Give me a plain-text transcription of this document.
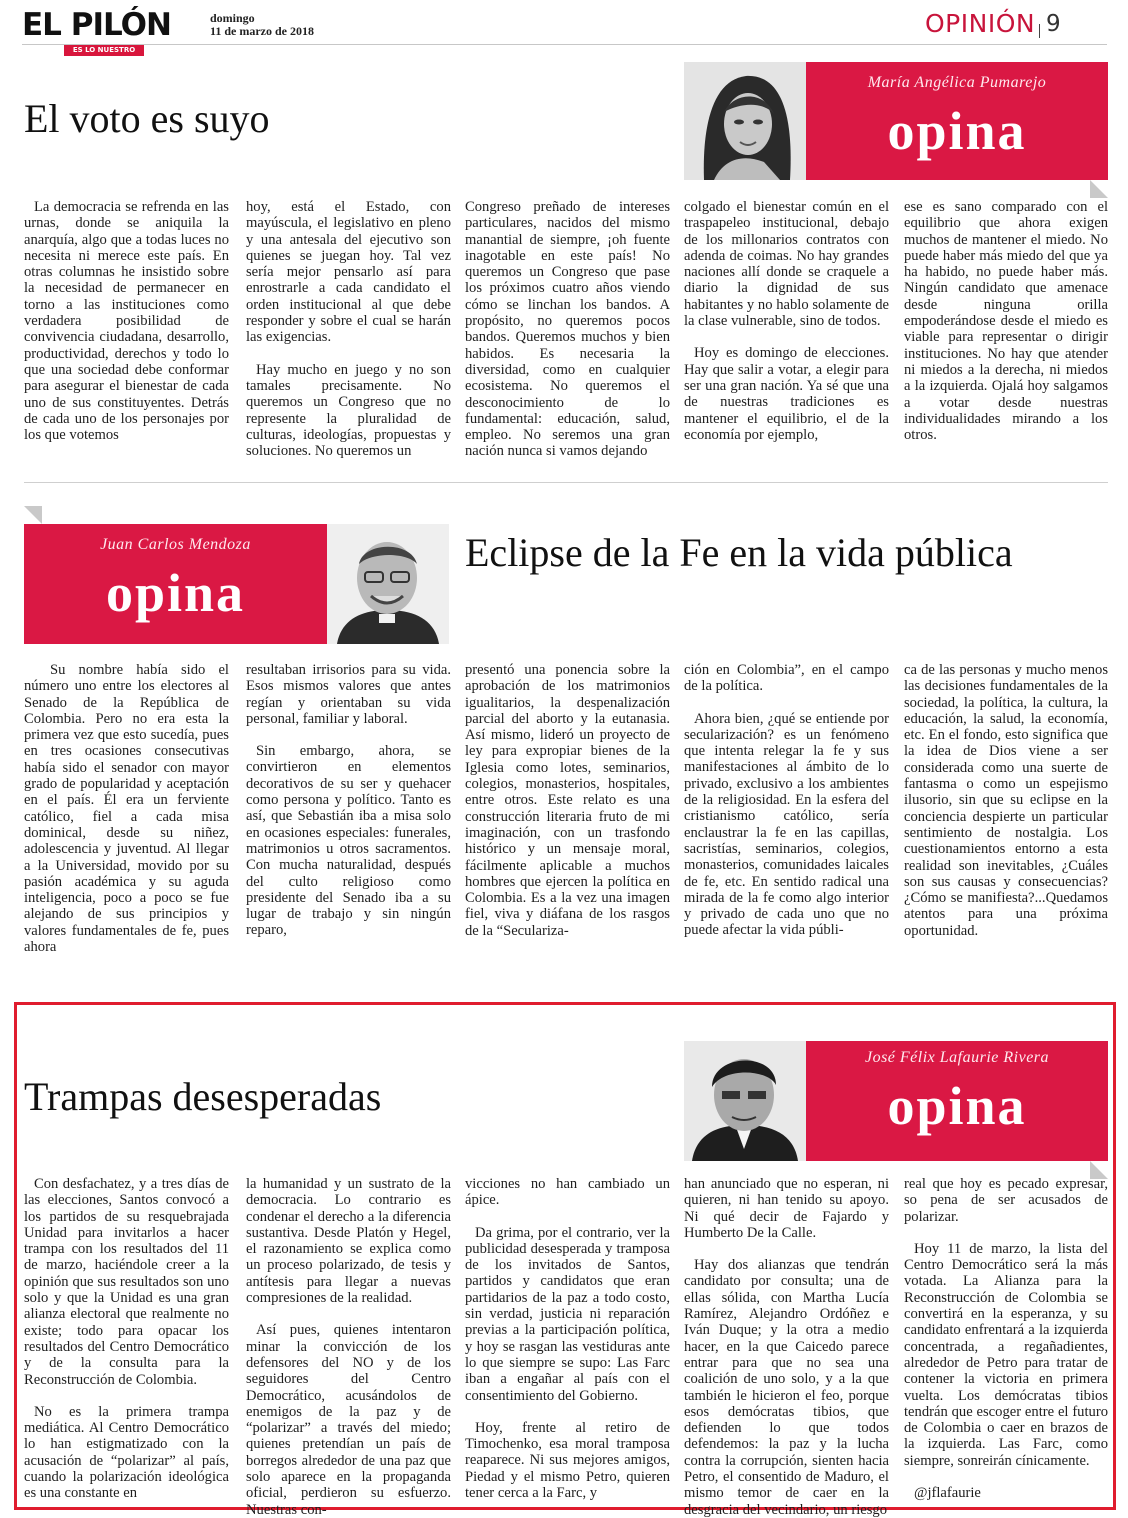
EL PILÓN
ES LO NUESTRO
domingo
11 de marzo de 2018	OPINIÓN 9
El voto es suyo
María Angélica Pumarejo
opina

La democracia se refrenda en las urnas, donde se aniquila la anarquía, algo que a todas luces no necesita ni merece este país. En otras columnas he insistido sobre la necesidad de permanecer en torno a las instituciones como verdadera posibilidad de convivencia ciudadana, desarrollo, productividad, derechos y todo lo que una sociedad debe conformar para asegurar el bienestar de cada uno de sus constituyentes. Detrás de cada uno de los personajes por los que votemos

hoy, está el Estado, con mayúscula, el legislativo en pleno y una antesala del ejecutivo son quienes se juegan hoy. Tal vez sería mejor pensarlo así para enrostrarle a cada candidato el orden institucional al que debe responder y sobre el cual se harán las exigencias.

Hay mucho en juego y no son tamales precisamente. No queremos un Congreso que no represente la pluralidad de culturas, ideologías, propuestas y soluciones. No queremos un

Congreso preñado de intereses particulares, nacidos del mismo manantial de siempre, ¡oh fuente inagotable en este país! No queremos un Congreso que pase los próximos cuatro años viendo cómo se linchan los bandos. A propósito, no queremos pocos bandos. Queremos muchos y bien habidos. Es necesaria la diversidad, como en cualquier ecosistema. No queremos el desconocimiento de lo fundamental: educación, salud, empleo. No seremos una gran nación nunca si vamos dejando

colgado el bienestar común en el traspapeleo institucional, debajo de los millonarios contratos con adenda de coimas. No hay grandes naciones allí donde se craquele a diario la dignidad de sus habitantes y no hablo solamente de la clase vulnerable, sino de todos.

Hoy es domingo de elecciones. Hay que salir a votar, a elegir para ser una gran nación. Ya sé que una de nuestras tradiciones es mantener el equilibrio, el de la economía por ejemplo,

ese es sano comparado con el equilibrio que ahora exigen muchos de mantener el miedo. No puede haber más miedo del que ya ha habido, no puede haber más. Ningún candidato que amenace desde ninguna orilla empoderándose desde el miedo es viable para representar o dirigir instituciones. No hay que atender ni miedos a la derecha, ni miedos a la izquierda. Ojalá hoy salgamos a votar desde nuestras individualidades mirando a los otros.

Juan Carlos Mendoza
opina
Eclipse de la Fe en la vida pública

Su nombre había sido el número uno entre los electores al Senado de la República de Colombia. Pero no era esta la primera vez que esto sucedía, pues en tres ocasiones consecutivas había sido el senador con mayor grado de popularidad y aceptación en el país. Él era un ferviente católico, fiel a cada misa dominical, desde su niñez, adolescencia y juventud. Al llegar a la Universidad, movido por su pasión académica y su aguda inteligencia, poco a poco se fue alejando de sus principios y valores fundamentales de fe, pues ahora

resultaban irrisorios para su vida. Esos mismos valores que antes regían y orientaban su vida personal, familiar y laboral.

Sin embargo, ahora, se convirtieron en elementos decorativos de su ser y quehacer como persona y político. Tanto es así, que Sebastián iba a misa solo en ocasiones especiales: funerales, matrimonios u otros sacramentos. Con mucha naturalidad, después del culto religioso como presidente del Senado iba a su lugar de trabajo y sin ningún reparo,

presentó una ponencia sobre la aprobación de los matrimonios igualitarios, la despenalización parcial del aborto y la eutanasia. Así mismo, lideró un proyecto de ley para expropiar bienes de la Iglesia como lotes, seminarios, colegios, monasterios, hospitales, entre otros. Este relato es una construcción literaria fruto de mi imaginación, con un trasfondo histórico y un mensaje moral, fácilmente aplicable a muchos hombres que ejercen la política en Colombia. Es a la vez una imagen fiel, viva y diáfana de los rasgos de la “Seculariza-

ción en Colombia”, en el campo de la política.

Ahora bien, ¿qué se entiende por secularización? es un fenómeno que intenta relegar la fe y sus manifestaciones al ámbito de lo privado, exclusivo a los ambientes de la religiosidad. En la esfera del cristianismo católico, sería enclaustrar la fe en las capillas, sacristías, seminarios, colegios, monasterios, comunidades laicales de fe, etc. En sentido radical una mirada de la fe como algo interior y privado de cada uno que no puede afectar la vida públi-

ca de las personas y mucho menos las decisiones fundamentales de la sociedad, la política, la cultura, la educación, la salud, la economía, etc. En el fondo, esto significa que la idea de Dios viene a ser considerada como una suerte de fantasma o como un espejismo ilusorio, sin que su eclipse en la conciencia despierte un particular sentimiento de nostalgia. Los cuestionamientos entorno a esta realidad son inevitables, ¿Cuáles son sus causas y consecuencias?¿Cómo se manifiesta?...Quedamos atentos para una próxima oportunidad.

Trampas desesperadas
José Félix Lafaurie Rivera
opina

Con desfachatez, y a tres días de las elecciones, Santos convocó a los partidos de su resquebrajada Unidad para invitarlos a hacer trampa con los resultados del 11 de marzo, haciéndole creer a la opinión que sus resultados son uno solo y que la Unidad es una gran alianza electoral que realmente no existe; todo para opacar los resultados del Centro Democrático y de la consulta para la Reconstrucción de Colombia.

No es la primera trampa mediática. Al Centro Democrático lo han estigmatizado con la acusación de “polarizar” al país, cuando la polarización ideológica es una constante en

la humanidad y un sustrato de la democracia. Lo contrario es condenar el derecho a la diferencia sustantiva. Desde Platón y Hegel, el razonamiento se explica como un proceso polarizado, de tesis y antítesis para llegar a nuevas compresiones de la realidad.

Así pues, quienes intentaron minar la convicción de los defensores del NO y de los seguidores del Centro Democrático, acusándolos de enemigos de la paz y de “polarizar” a través del miedo; quienes pretendían un país de borregos alrededor de una paz que solo aparece en la propaganda oficial, perdieron su esfuerzo. Nuestras con-

vicciones no han cambiado un ápice.

Da grima, por el contrario, ver la publicidad desesperada y tramposa de los invitados de Santos, partidos y candidatos que eran partidarios de la paz a todo costo, sin verdad, justicia ni reparación previas a la participación política, y hoy se rasgan las vestiduras ante lo que siempre se supo: Las Farc iban a engañar al país con el consentimiento del Gobierno.

Hoy, frente al retiro de Timochenko, esa moral tramposa reaparece. Ni sus mejores amigos, Piedad y el mismo Petro, quieren tener cerca a la Farc, y

han anunciado que no esperan, ni quieren, ni han tenido su apoyo. Ni qué decir de Fajardo y Humberto De la Calle.

Hay dos alianzas que tendrán candidato por consulta; una de ellas sólida, con Martha Lucía Ramírez, Alejandro Ordóñez e Iván Duque; y la otra a medio hacer, en la que Caicedo parece entrar para que no sea una coalición de uno solo, y a la que también le hicieron el feo, porque esos demócratas tibios, que defienden lo que todos defendemos: la paz y la lucha contra la corrupción, sienten hacia Petro, el consentido de Maduro, el mismo temor de caer en la desgracia del vecindario, un riesgo

real que hoy es pecado expresar, so pena de ser acusados de polarizar.

Hoy 11 de marzo, la lista del Centro Democrático será la más votada. La Alianza para la Reconstrucción de Colombia se convertirá en la esperanza, y su candidato enfrentará a la izquierda concentrada, a regañadientes, alrededor de Petro para tratar de contener la victoria en primera vuelta. Los demócratas tibios tendrán que escoger entre el futuro de Colombia o caer en brazos de la izquierda. Las Farc, como siempre, sonreirán cínicamente.

@jflafaurie
